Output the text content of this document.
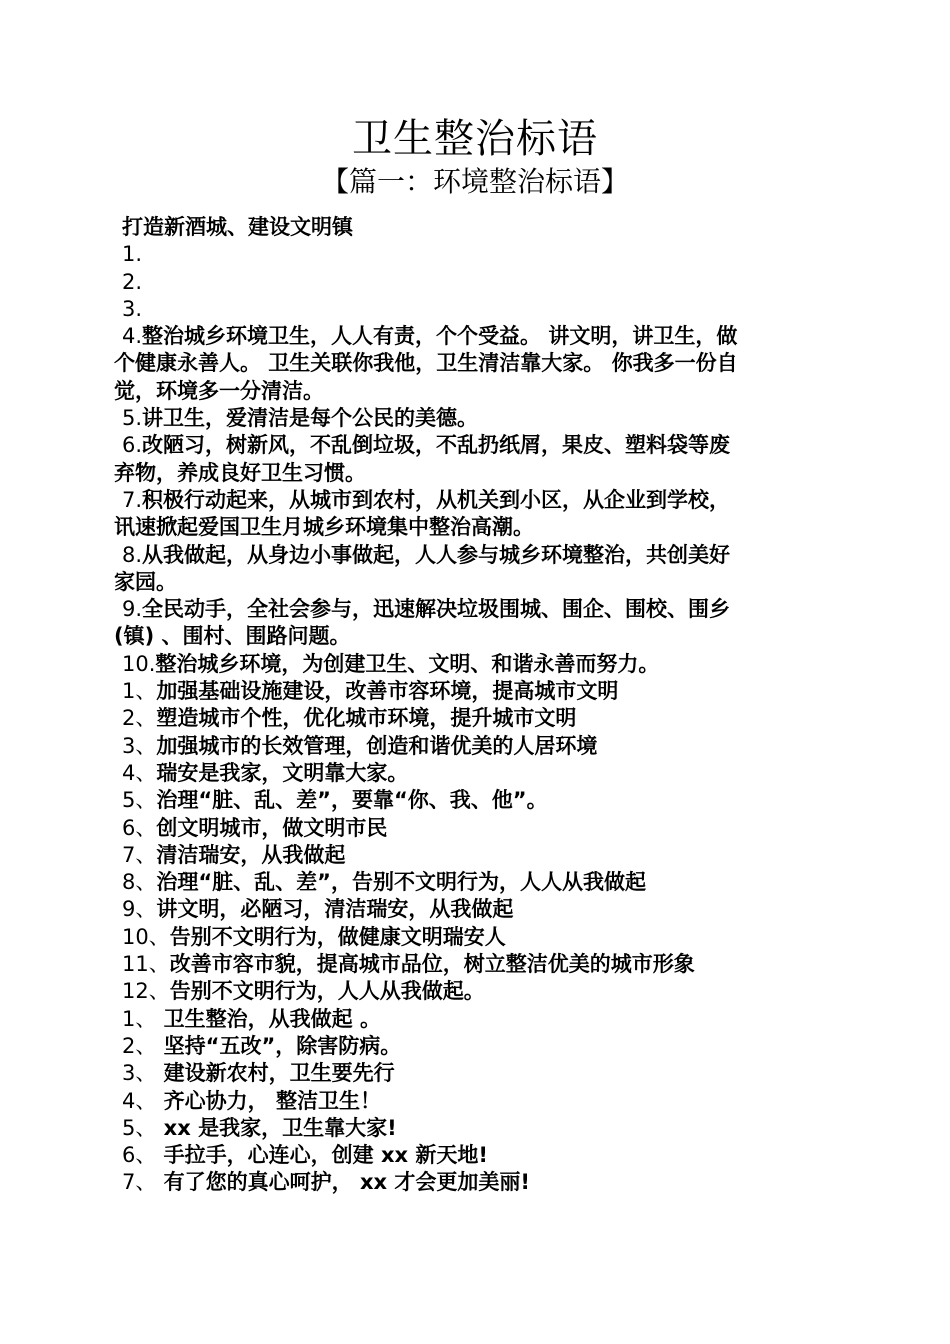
卫生整治标语
【篇一：环境整治标语】
打造新酒城、建设文明镇
1.
2.
3.
4.整治城乡环境卫生，人人有责，个个受益。 讲文明，讲卫生，做
个健康永善人。 卫生关联你我他，卫生清洁靠大家。 你我多一份自
觉，环境多一分清洁。
5.讲卫生，爱清洁是每个公民的美德。
6.改陋习，树新风，不乱倒垃圾，不乱扔纸屑，果皮、塑料袋等废
弃物，养成良好卫生习惯。
7.积极行动起来，从城市到农村，从机关到小区，从企业到学校，
讯速掀起爱国卫生月城乡环境集中整治高潮。
8.从我做起，从身边小事做起，人人参与城乡环境整治，共创美好
家园。
9.全民动手，全社会参与，迅速解决垃圾围城、围企、围校、围乡
(镇) 、围村、围路问题。
10.整治城乡环境，为创建卫生、文明、和谐永善而努力。
1、加强基础设施建设，改善市容环境，提高城市文明
2、塑造城市个性，优化城市环境，提升城市文明
3、加强城市的长效管理，创造和谐优美的人居环境
4、瑞安是我家，文明靠大家。
5、治理“脏、乱、差”，要靠“你、我、他”。
6、创文明城市，做文明市民
7、清洁瑞安，从我做起
8、治理“脏、乱、差”，告别不文明行为，人人从我做起
9、讲文明，必陋习，清洁瑞安，从我做起
10、告别不文明行为，做健康文明瑞安人
11、改善市容市貌，提高城市品位，树立整洁优美的城市形象
12、告别不文明行为，人人从我做起。
1、 卫生整治，从我做起 。
2、 坚持“五改”，除害防病。
3、 建设新农村，卫生要先行
4、 齐心协力， 整洁卫生！
5、 xx 是我家，卫生靠大家!
6、 手拉手，心连心，创建 xx 新天地!
7、 有了您的真心呵护， xx 才会更加美丽!
